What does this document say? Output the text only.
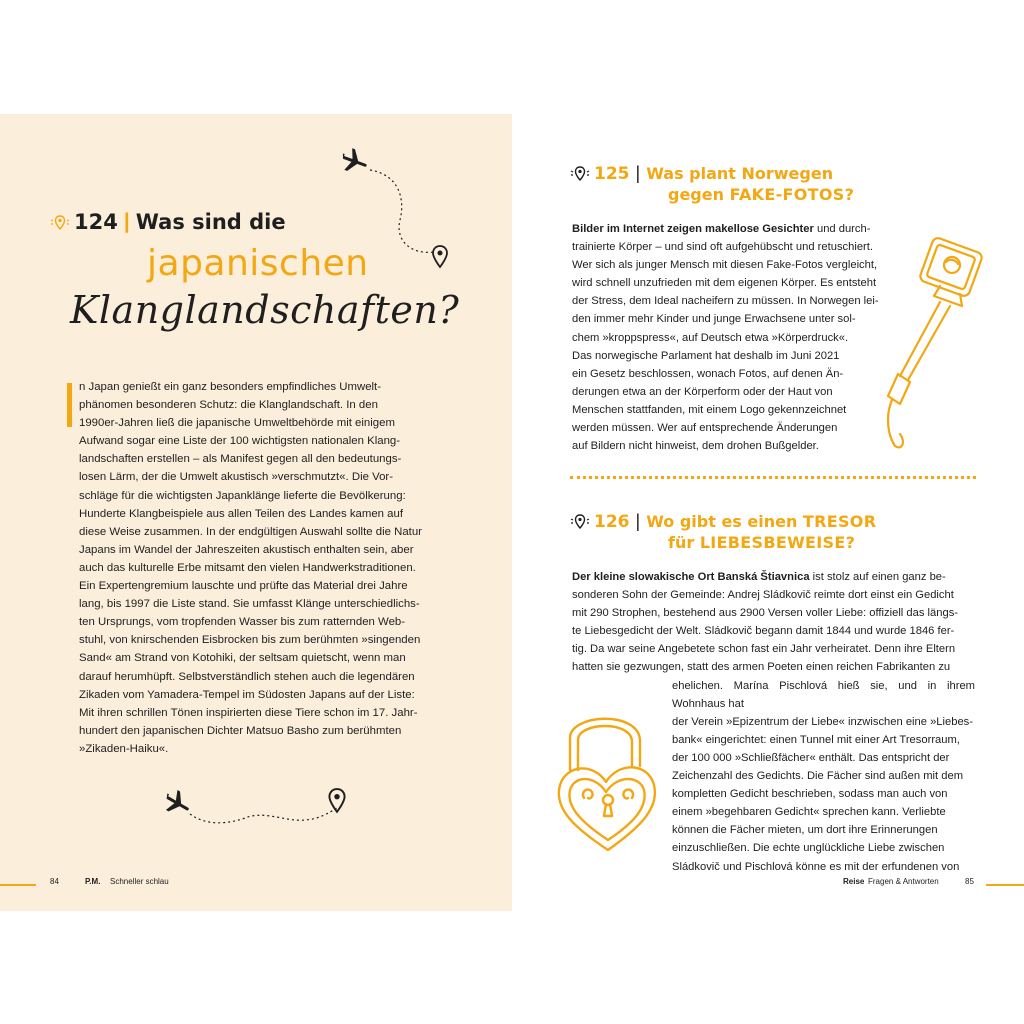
124 | Was sind die
japanischen
Klanglandschaften?

n Japan genießt ein ganz besonders empfindliches Umwelt-

phänomen besonderen Schutz: die Klanglandschaft. In den

1990er-Jahren ließ die japanische Umweltbehörde mit einigem

Aufwand sogar eine Liste der 100 wichtigsten nationalen Klang-

landschaften erstellen – als Manifest gegen all den bedeutungs-

losen Lärm, der die Umwelt akustisch »verschmutzt«. Die Vor-

schläge für die wichtigsten Japanklänge lieferte die Bevölkerung:

Hunderte Klangbeispiele aus allen Teilen des Landes kamen auf

diese Weise zusammen. In der endgültigen Auswahl sollte die Natur

Japans im Wandel der Jahreszeiten akustisch enthalten sein, aber

auch das kulturelle Erbe mitsamt den vielen Handwerkstraditionen.

Ein Expertengremium lauschte und prüfte das Material drei Jahre

lang, bis 1997 die Liste stand. Sie umfasst Klänge unterschiedlichs-

ten Ursprungs, vom tropfenden Wasser bis zum ratternden Web-

stuhl, von knirschenden Eisbrocken bis zum berühmten »singenden

Sand« am Strand von Kotohiki, der seltsam quietscht, wenn man

darauf herumhüpft. Selbstverständlich stehen auch die legendären

Zikaden vom Yamadera-Tempel im Südosten Japans auf der Liste:

Mit ihren schrillen Tönen inspirierten diese Tiere schon im 17. Jahr-

hundert den japanischen Dichter Matsuo Basho zum berühmten

»Zikaden-Haiku«.

84	P.M. Schneller schlau
125 | Was plant Norwegen
gegen FAKE-FOTOS?

Bilder im Internet zeigen makellose Gesichter und durch-

trainierte Körper – und sind oft aufgehübscht und retuschiert.

Wer sich als junger Mensch mit diesen Fake-Fotos vergleicht,

wird schnell unzufrieden mit dem eigenen Körper. Es entsteht

der Stress, dem Ideal nacheifern zu müssen. In Norwegen lei-

den immer mehr Kinder und junge Erwachsene unter sol-

chem »kroppspress«, auf Deutsch etwa »Körperdruck«.

Das norwegische Parlament hat deshalb im Juni 2021

ein Gesetz beschlossen, wonach Fotos, auf denen Än-

derungen etwa an der Körperform oder der Haut von

Menschen stattfanden, mit einem Logo gekennzeichnet

werden müssen. Wer auf entsprechende Änderungen

auf Bildern nicht hinweist, dem drohen Bußgelder.

126 | Wo gibt es einen TRESOR
für LIEBESBEWEISE?

Der kleine slowakische Ort Banská Štiavnica ist stolz auf einen ganz be-

sonderen Sohn der Gemeinde: Andrej Sládkovič reimte dort einst ein Gedicht

mit 290 Strophen, bestehend aus 2900 Versen voller Liebe: offiziell das längs-

te Liebesgedicht der Welt. Sládkovič begann damit 1844 und wurde 1846 fer-

tig. Da war seine Angebetete schon fast ein Jahr verheiratet. Denn ihre Eltern

hatten sie gezwungen, statt des armen Poeten einen reichen Fabrikanten zu

ehelichen. Marína Pischlová hieß sie, und in ihrem Wohnhaus hat

der Verein »Epizentrum der Liebe« inzwischen eine »Liebes-

bank« eingerichtet: einen Tunnel mit einer Art Tresorraum,

der 100 000 »Schließfächer« enthält. Das entspricht der

Zeichenzahl des Gedichts. Die Fächer sind außen mit dem

kompletten Gedicht beschrieben, sodass man auch von

einem »begehbaren Gedicht« sprechen kann. Verliebte

können die Fächer mieten, um dort ihre Erinnerungen

einzuschließen. Die echte unglückliche Liebe zwischen

Sládkovič und Pischlová könne es mit der erfundenen von

Reise Fragen & Antworten	85
